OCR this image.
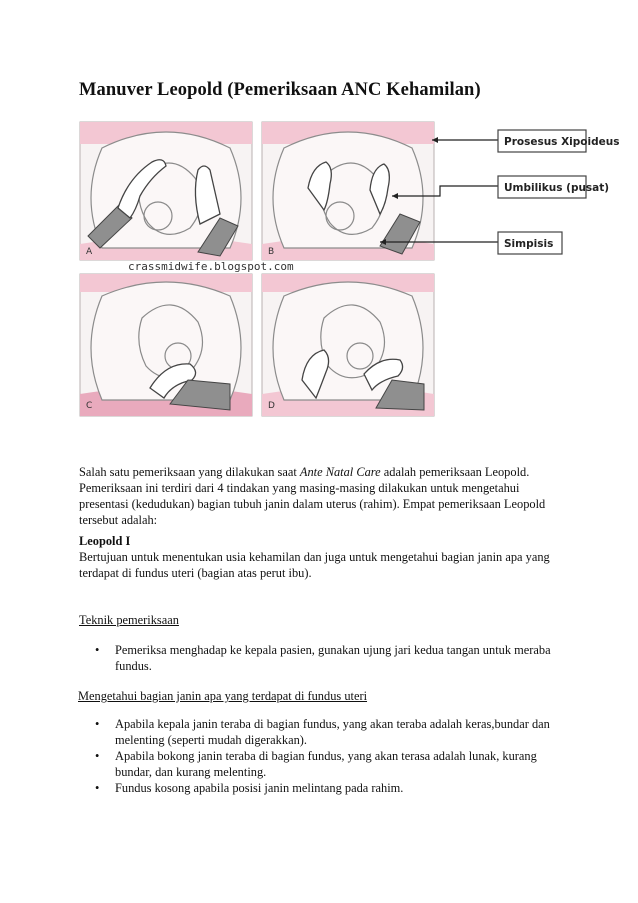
Manuver Leopold (Pemeriksaan ANC Kehamilan)
A	B
C	D
crassmidwife.blogspot.com
Prosesus Xipoideus
Umbilikus (pusat)
Simpisis
Salah satu pemeriksaan yang dilakukan saat Ante Natal Care adalah pemeriksaan Leopold. Pemeriksaan ini terdiri dari 4 tindakan yang masing-masing dilakukan untuk mengetahui presentasi (kedudukan) bagian tubuh janin dalam uterus (rahim). Empat pemeriksaan Leopold tersebut adalah:
Leopold I
Bertujuan untuk menentukan usia kehamilan dan juga untuk mengetahui bagian janin apa yang terdapat di fundus uteri (bagian atas perut ibu).
Teknik pemeriksaan
• Pemeriksa menghadap ke kepala pasien, gunakan ujung jari kedua tangan untuk meraba fundus.
Mengetahui bagian janin apa yang terdapat di fundus uteri
• Apabila kepala janin teraba di bagian fundus, yang akan teraba adalah keras,bundar dan melenting (seperti mudah digerakkan).
• Apabila bokong janin teraba di bagian fundus, yang akan terasa adalah lunak, kurang bundar, dan kurang melenting.
• Fundus kosong apabila posisi janin melintang pada rahim.
